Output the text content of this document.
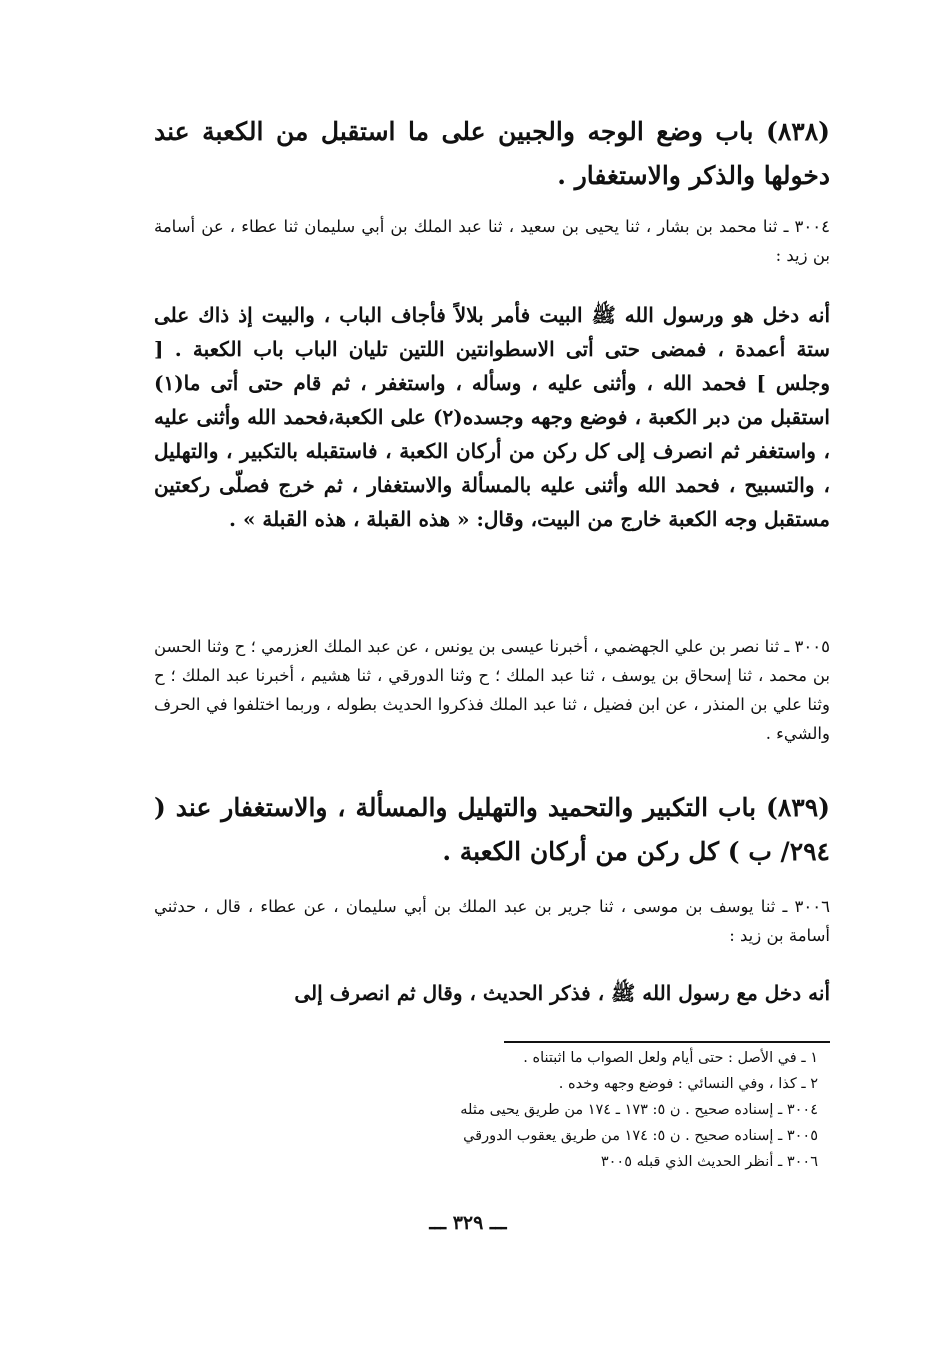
(٨٣٨) باب وضع الوجه والجبين على ما استقبل من الكعبة عند دخولها والذكر والاستغفار .
٣٠٠٤ ـ ثنا محمد بن بشار ، ثنا يحيى بن سعيد ، ثنا عبد الملك بن أبي سليمان ثنا عطاء ، عن أسامة بن زيد :
أنه دخل هو ورسول الله ﷺ البيت فأمر بلالاً فأجاف الباب ، والبيت إذ ذاك على ستة أعمدة ، فمضى حتى أتى الاسطوانتين اللتين تليان الباب باب الكعبة . [ وجلس ] فحمد الله ، وأثنى عليه ، وسأله ، واستغفر ، ثم قام حتى أتى ما(١) استقبل من دبر الكعبة ، فوضع وجهه وجسده(٢) على الكعبة،فحمد الله وأثنى عليه ، واستغفر ثم انصرف إلى كل ركن من أركان الكعبة ، فاستقبله بالتكبير ، والتهليل ، والتسبيح ، فحمد الله وأثنى عليه بالمسألة والاستغفار ، ثم خرج فصلّى ركعتين مستقبل وجه الكعبة خارج من البيت، وقال: « هذه القبلة ، هذه القبلة » .
٣٠٠٥ ـ ثنا نصر بن علي الجهضمي ، أخبرنا عيسى بن يونس ، عن عبد الملك العزرمي ؛ ح وثنا الحسن بن محمد ، ثنا إسحاق بن يوسف ، ثنا عبد الملك ؛ ح وثنا الدورقي ، ثنا هشيم ، أخبرنا عبد الملك ؛ ح وثنا علي بن المنذر ، عن ابن فضيل ، ثنا عبد الملك فذكروا الحديث بطوله ، وربما اختلفوا في الحرف والشيء .
(٨٣٩) باب التكبير والتحميد والتهليل والمسألة ، والاستغفار عند ( ٢٩٤/ ب ) كل ركن من أركان الكعبة .
٣٠٠٦ ـ ثنا يوسف بن موسى ، ثنا جرير بن عبد الملك بن أبي سليمان ، عن عطاء ، قال ، حدثني أسامة بن زيد :
أنه دخل مع رسول الله ﷺ ، فذكر الحديث ، وقال ثم انصرف إلى
١ ـ في الأصل : حتى أيام ولعل الصواب ما اثبتناه .
٢ ـ كذا ، وفي النسائي : فوضع وجهه وخده .
٣٠٠٤ ـ إسناده صحيح . ن ٥: ١٧٣ ـ ١٧٤ من طريق يحيى مثله
٣٠٠٥ ـ إسناده صحيح . ن ٥: ١٧٤ من طريق يعقوب الدورقي
٣٠٠٦ ـ أنظر الحديث الذي قبله ٣٠٠٥
ـــ ٣٢٩ ـــ
